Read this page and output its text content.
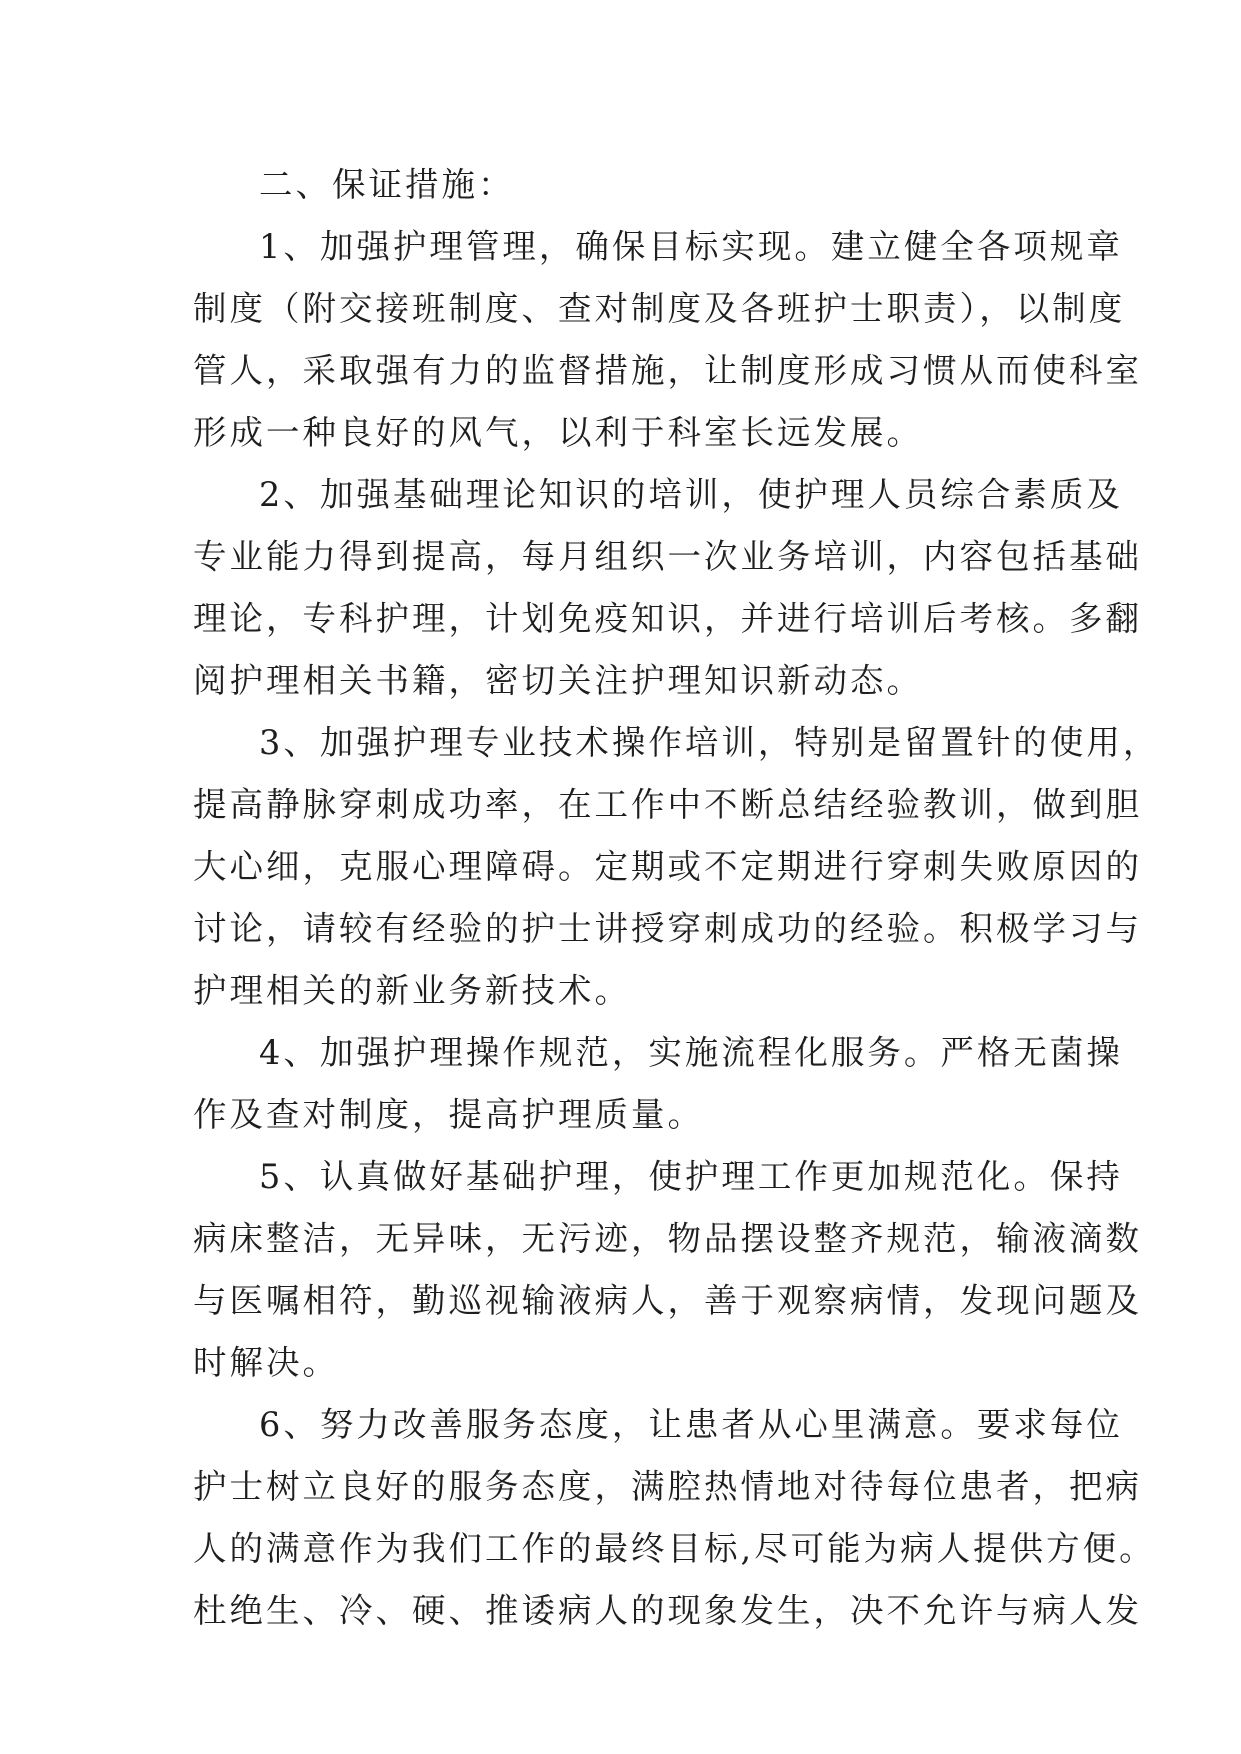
二、保证措施：
1、加强护理管理，确保目标实现。建立健全各项规章
制度（附交接班制度、查对制度及各班护士职责），以制度
管人，采取强有力的监督措施，让制度形成习惯从而使科室
形成一种良好的风气，以利于科室长远发展。
2、加强基础理论知识的培训，使护理人员综合素质及
专业能力得到提高，每月组织一次业务培训，内容包括基础
理论，专科护理，计划免疫知识，并进行培训后考核。多翻
阅护理相关书籍，密切关注护理知识新动态。
3、加强护理专业技术操作培训，特别是留置针的使用，
提高静脉穿刺成功率，在工作中不断总结经验教训，做到胆
大心细，克服心理障碍。定期或不定期进行穿刺失败原因的
讨论，请较有经验的护士讲授穿刺成功的经验。积极学习与
护理相关的新业务新技术。
4、加强护理操作规范，实施流程化服务。严格无菌操
作及查对制度，提高护理质量。
5、认真做好基础护理，使护理工作更加规范化。保持
病床整洁，无异味，无污迹，物品摆设整齐规范，输液滴数
与医嘱相符，勤巡视输液病人，善于观察病情，发现问题及
时解决。
6、努力改善服务态度，让患者从心里满意。要求每位
护士树立良好的服务态度，满腔热情地对待每位患者，把病
人的满意作为我们工作的最终目标,尽可能为病人提供方便。
杜绝生、冷、硬、推诿病人的现象发生，决不允许与病人发
